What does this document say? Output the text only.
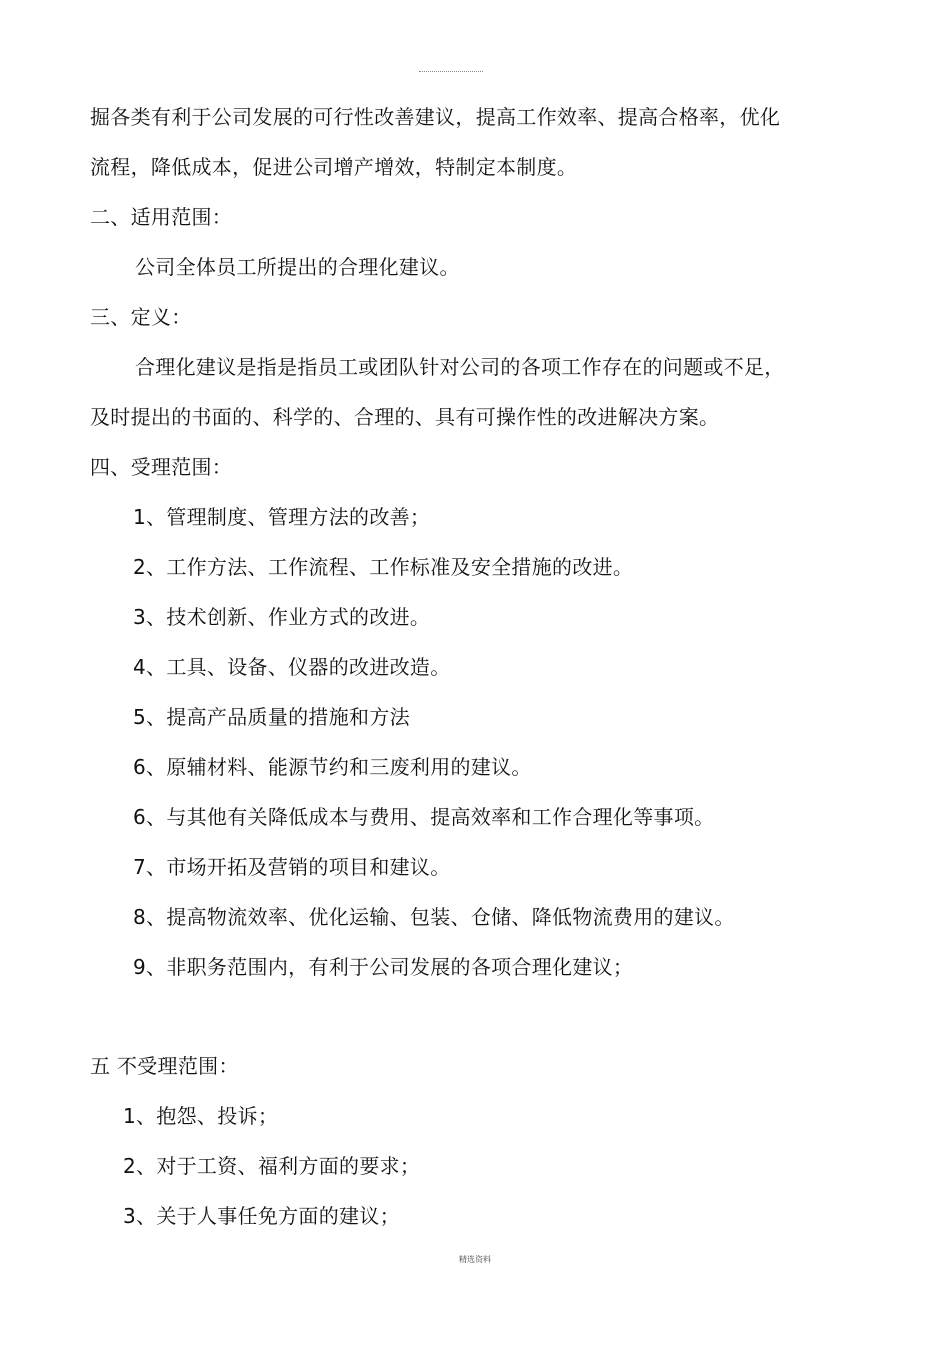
掘各类有利于公司发展的可行性改善建议，提高工作效率、提高合格率，优化
流程，降低成本，促进公司增产增效，特制定本制度。
二、适用范围：
公司全体员工所提出的合理化建议。
三、定义：
合理化建议是指是指员工或团队针对公司的各项工作存在的问题或不足，
及时提出的书面的、科学的、合理的、具有可操作性的改进解决方案。
四、受理范围：
1、管理制度、管理方法的改善；
2、工作方法、工作流程、工作标准及安全措施的改进。
3、技术创新、作业方式的改进。
4、工具、设备、仪器的改进改造。
5、提高产品质量的措施和方法
6、原辅材料、能源节约和三废利用的建议。
6、与其他有关降低成本与费用、提高效率和工作合理化等事项。
7、市场开拓及营销的项目和建议。
8、提高物流效率、优化运输、包装、仓储、降低物流费用的建议。
9、非职务范围内，有利于公司发展的各项合理化建议；
五 不受理范围：
1、抱怨、投诉；
2、对于工资、福利方面的要求；
3、关于人事任免方面的建议；
精选资料
